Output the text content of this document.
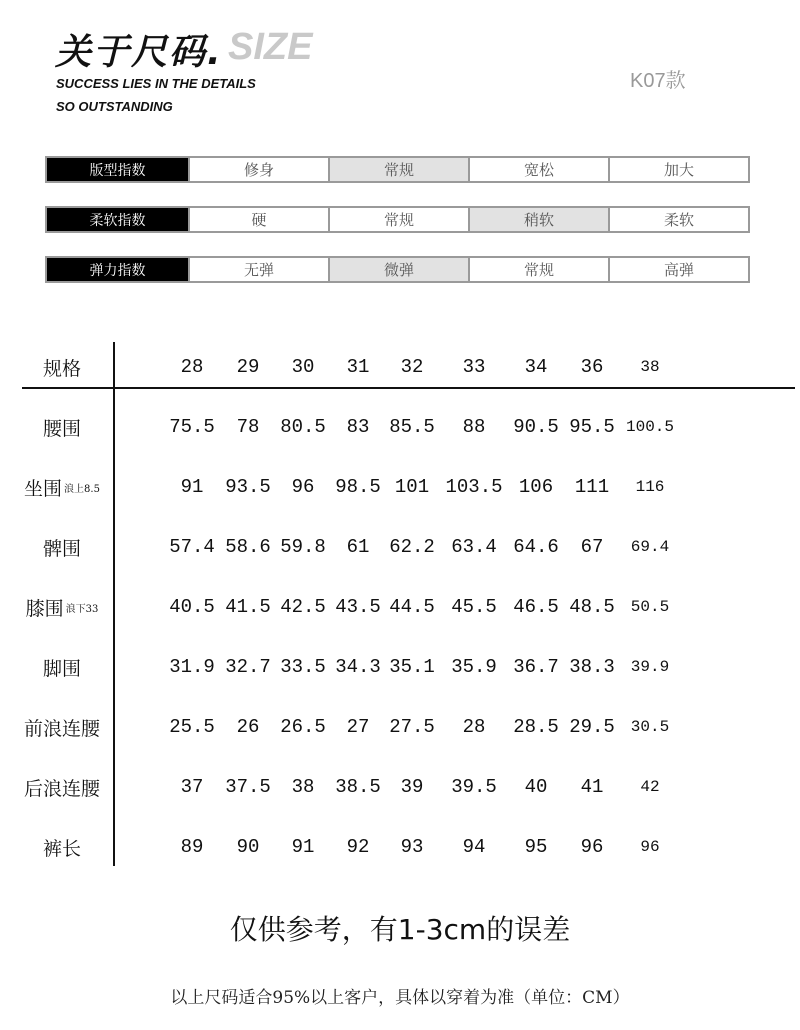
关于尺码. SIZE
SUCCESS LIES IN THE DETAILS
SO OUTSTANDING
K07款
版型指数	修身	常规	宽松	加大
柔软指数	硬	常规	稍软	柔软
弹力指数	无弹	微弹	常规	高弹
规格	28	29	30	31	32	33	34	36	38
腰围	75.5	78	80.5	83	85.5	88	90.5 95.5 100.5
坐围 浪上8.5	91	93.5	96	98.5 101 103.5 106	111	116
髀围	57.4 58.6 59.8	61	62.2 63.4 64.6	67	69.4
膝围 浪下33	40.5 41.5 42.5 43.5 44.5 45.5 46.5 48.5	50.5
脚围	31.9 32.7 33.5 34.3 35.1 35.9 36.7 38.3	39.9
前浪连腰	25.5	26	26.5	27	27.5	28	28.5 29.5	30.5
后浪连腰	37	37.5	38	38.5	39	39.5	40	41	42
裤长	89	90	91	92	93	94	95	96	96
仅供参考，有1-3cm的误差
以上尺码适合95%以上客户，具体以穿着为准（单位：CM）
